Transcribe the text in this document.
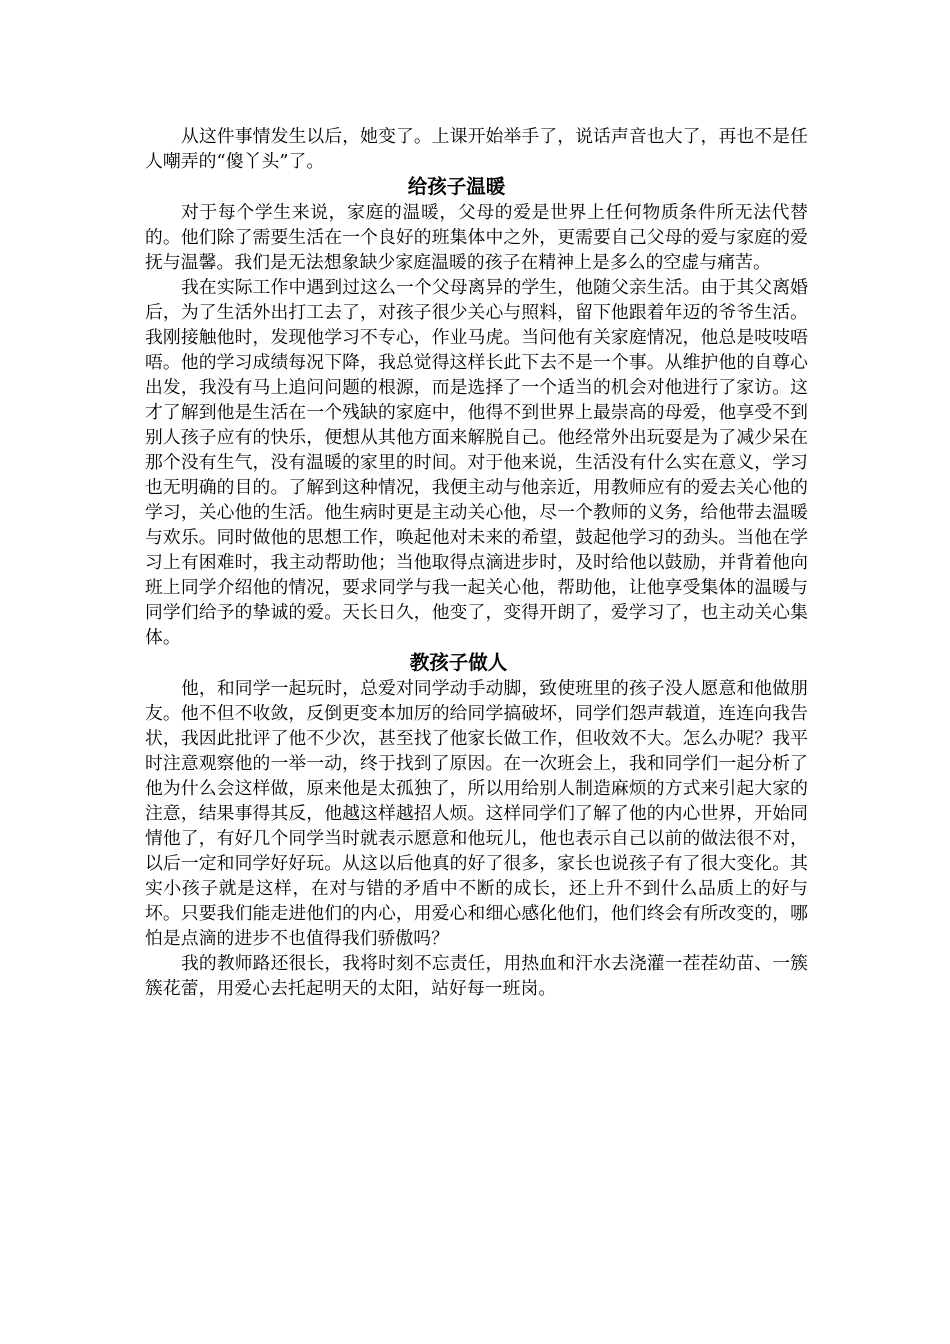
从这件事情发生以后，她变了。上课开始举手了，说话声音也大了，再也不是任人嘲弄的“傻丫头”了。

给孩子温暖

对于每个学生来说，家庭的温暖，父母的爱是世界上任何物质条件所无法代替的。他们除了需要生活在一个良好的班集体中之外，更需要自己父母的爱与家庭的爱抚与温馨。我们是无法想象缺少家庭温暖的孩子在精神上是多么的空虚与痛苦。

我在实际工作中遇到过这么一个父母离异的学生，他随父亲生活。由于其父离婚后，为了生活外出打工去了，对孩子很少关心与照料，留下他跟着年迈的爷爷生活。我刚接触他时，发现他学习不专心，作业马虎。当问他有关家庭情况，他总是吱吱唔唔。他的学习成绩每况下降，我总觉得这样长此下去不是一个事。从维护他的自尊心出发，我没有马上追问问题的根源，而是选择了一个适当的机会对他进行了家访。这才了解到他是生活在一个残缺的家庭中，他得不到世界上最崇高的母爱，他享受不到别人孩子应有的快乐，便想从其他方面来解脱自己。他经常外出玩耍是为了减少呆在那个没有生气，没有温暖的家里的时间。对于他来说，生活没有什么实在意义，学习也无明确的目的。了解到这种情况，我便主动与他亲近，用教师应有的爱去关心他的学习，关心他的生活。他生病时更是主动关心他，尽一个教师的义务，给他带去温暖与欢乐。同时做他的思想工作，唤起他对未来的希望，鼓起他学习的劲头。当他在学习上有困难时，我主动帮助他；当他取得点滴进步时，及时给他以鼓励，并背着他向班上同学介绍他的情况，要求同学与我一起关心他，帮助他，让他享受集体的温暖与同学们给予的挚诚的爱。天长日久，他变了，变得开朗了，爱学习了，也主动关心集体。

教孩子做人

他，和同学一起玩时，总爱对同学动手动脚，致使班里的孩子没人愿意和他做朋友。他不但不收敛，反倒更变本加厉的给同学搞破坏，同学们怨声载道，连连向我告状，我因此批评了他不少次，甚至找了他家长做工作，但收效不大。怎么办呢？我平时注意观察他的一举一动，终于找到了原因。在一次班会上，我和同学们一起分析了他为什么会这样做，原来他是太孤独了，所以用给别人制造麻烦的方式来引起大家的注意，结果事得其反，他越这样越招人烦。这样同学们了解了他的内心世界，开始同情他了，有好几个同学当时就表示愿意和他玩儿，他也表示自己以前的做法很不对，以后一定和同学好好玩。从这以后他真的好了很多，家长也说孩子有了很大变化。其实小孩子就是这样，在对与错的矛盾中不断的成长，还上升不到什么品质上的好与坏。只要我们能走进他们的内心，用爱心和细心感化他们，他们终会有所改变的，哪怕是点滴的进步不也值得我们骄傲吗？

我的教师路还很长，我将时刻不忘责任，用热血和汗水去浇灌一茬茬幼苗、一簇簇花蕾，用爱心去托起明天的太阳，站好每一班岗。
